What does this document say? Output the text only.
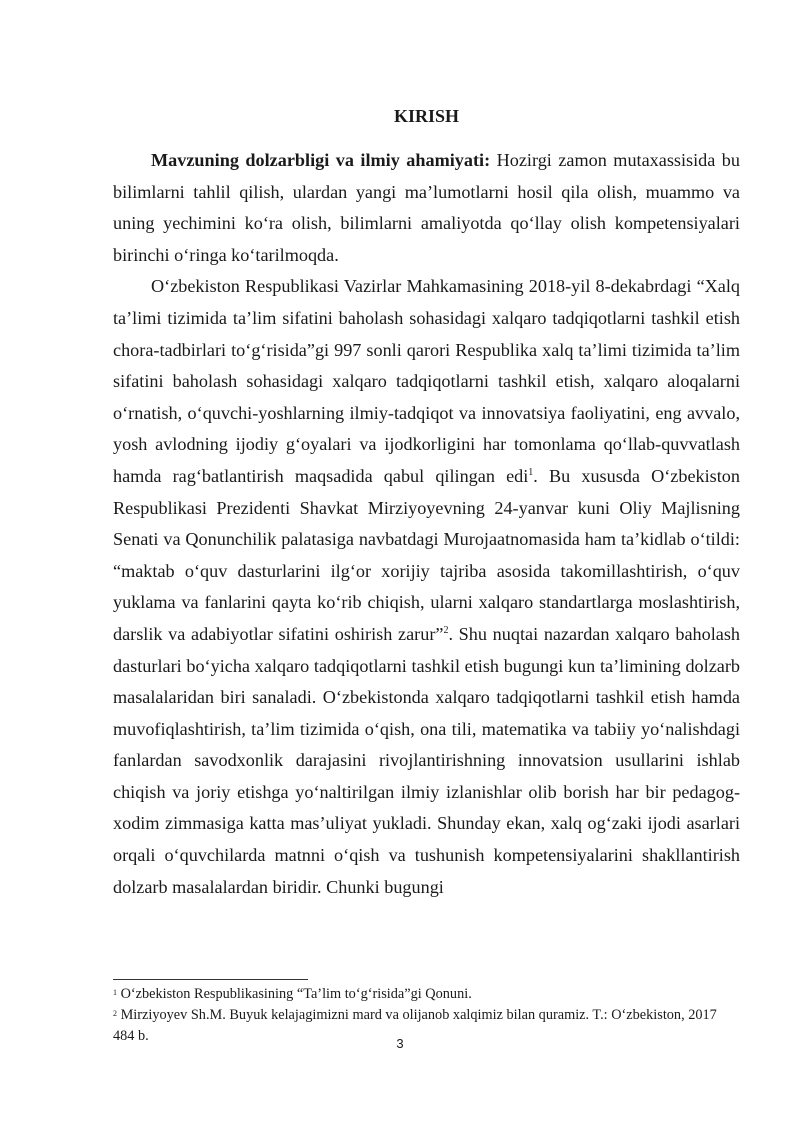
KIRISH

Mavzuning dolzarbligi va ilmiy ahamiyati: Hozirgi zamon mutaxassisida bu bilimlarni tahlil qilish, ulardan yangi ma’lumotlarni hosil qila olish, muammo va uning yechimini ko‘ra olish, bilimlarni amaliyotda qo‘llay olish kompetensiyalari birinchi o‘ringa ko‘tarilmoqda.

O‘zbekiston Respublikasi Vazirlar Mahkamasining 2018-yil 8-dekabrdagi “Xalq ta’limi tizimida ta’lim sifatini baholash sohasidagi xalqaro tadqiqotlarni tashkil etish chora-tadbirlari to‘g‘risida”gi 997 sonli qarori Respublika xalq ta’limi tizimida ta’lim sifatini baholash sohasidagi xalqaro tadqiqotlarni tashkil etish, xalqaro aloqalarni o‘rnatish, o‘quvchi-yoshlarning ilmiy-tadqiqot va innovatsiya faoliyatini, eng avvalo, yosh avlodning ijodiy g‘oyalari va ijodkorligini har tomonlama qo‘llab-quvvatlash hamda rag‘batlantirish maqsadida qabul qilingan edi$^1$. Bu xususda O‘zbekiston Respublikasi Prezidenti Shavkat Mirziyoyevning 24-yanvar kuni Oliy Majlisning Senati va Qonunchilik palatasiga navbatdagi Murojaatnomasida ham ta’kidlab o‘tildi: “maktab o‘quv dasturlarini ilg‘or xorijiy tajriba asosida takomillashtirish, o‘quv yuklama va fanlarini qayta ko‘rib chiqish, ularni xalqaro standartlarga moslashtirish, darslik va adabiyotlar sifatini oshirish zarur”$^2$. Shu nuqtai nazardan xalqaro baholash dasturlari bo‘yicha xalqaro tadqiqotlarni tashkil etish bugungi kun ta’limining dolzarb masalalaridan biri sanaladi. O‘zbekistonda xalqaro tadqiqotlarni tashkil etish hamda muvofiqlashtirish, ta’lim tizimida o‘qish, ona tili, matematika va tabiiy yo‘nalishdagi fanlardan savodxonlik darajasini rivojlantirishning innovatsion usullarini ishlab chiqish va joriy etishga yo‘naltirilgan ilmiy izlanishlar olib borish har bir pedagog-xodim zimmasiga katta mas’uliyat yukladi. Shunday ekan, xalq og‘zaki ijodi asarlari orqali o‘quvchilarda matnni o‘qish va tushunish kompetensiyalarini shakllantirish dolzarb masalalardan biridir. Chunki bugungi

$^1$ O‘zbekiston Respublikasining “Ta’lim to‘g‘risida”gi Qonuni.

$^2$ Mirziyoyev Sh.M. Buyuk kelajagimizni mard va olijanob xalqimiz bilan quramiz. T.: O‘zbekiston, 2017 484 b.	3
